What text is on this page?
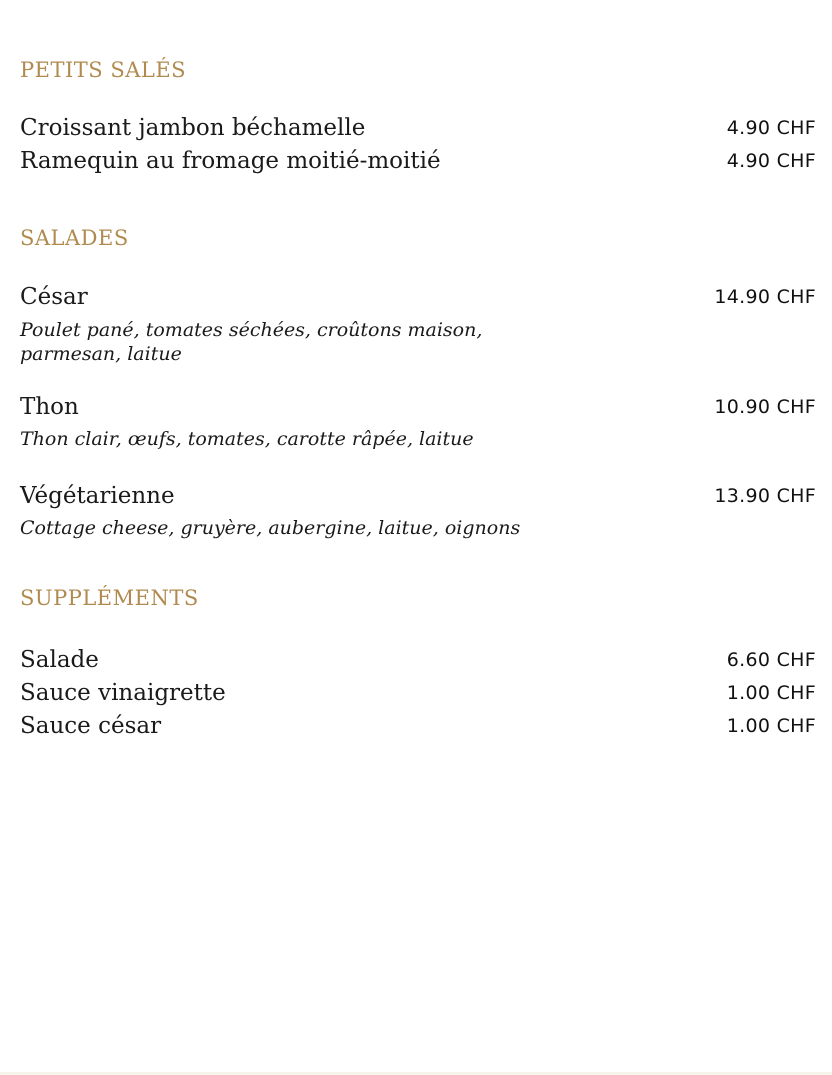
PETITS SALÉS
Croissant jambon béchamelle	4.90 CHF
Ramequin au fromage moitié-moitié	4.90 CHF
SALADES
César	14.90 CHF
Poulet pané, tomates séchées, croûtons maison, parmesan, laitue
Thon	10.90 CHF
Thon clair, œufs, tomates, carotte râpée, laitue
Végétarienne	13.90 CHF
Cottage cheese, gruyère, aubergine, laitue, oignons
SUPPLÉMENTS
Salade	6.60 CHF
Sauce vinaigrette	1.00 CHF
Sauce césar	1.00 CHF
